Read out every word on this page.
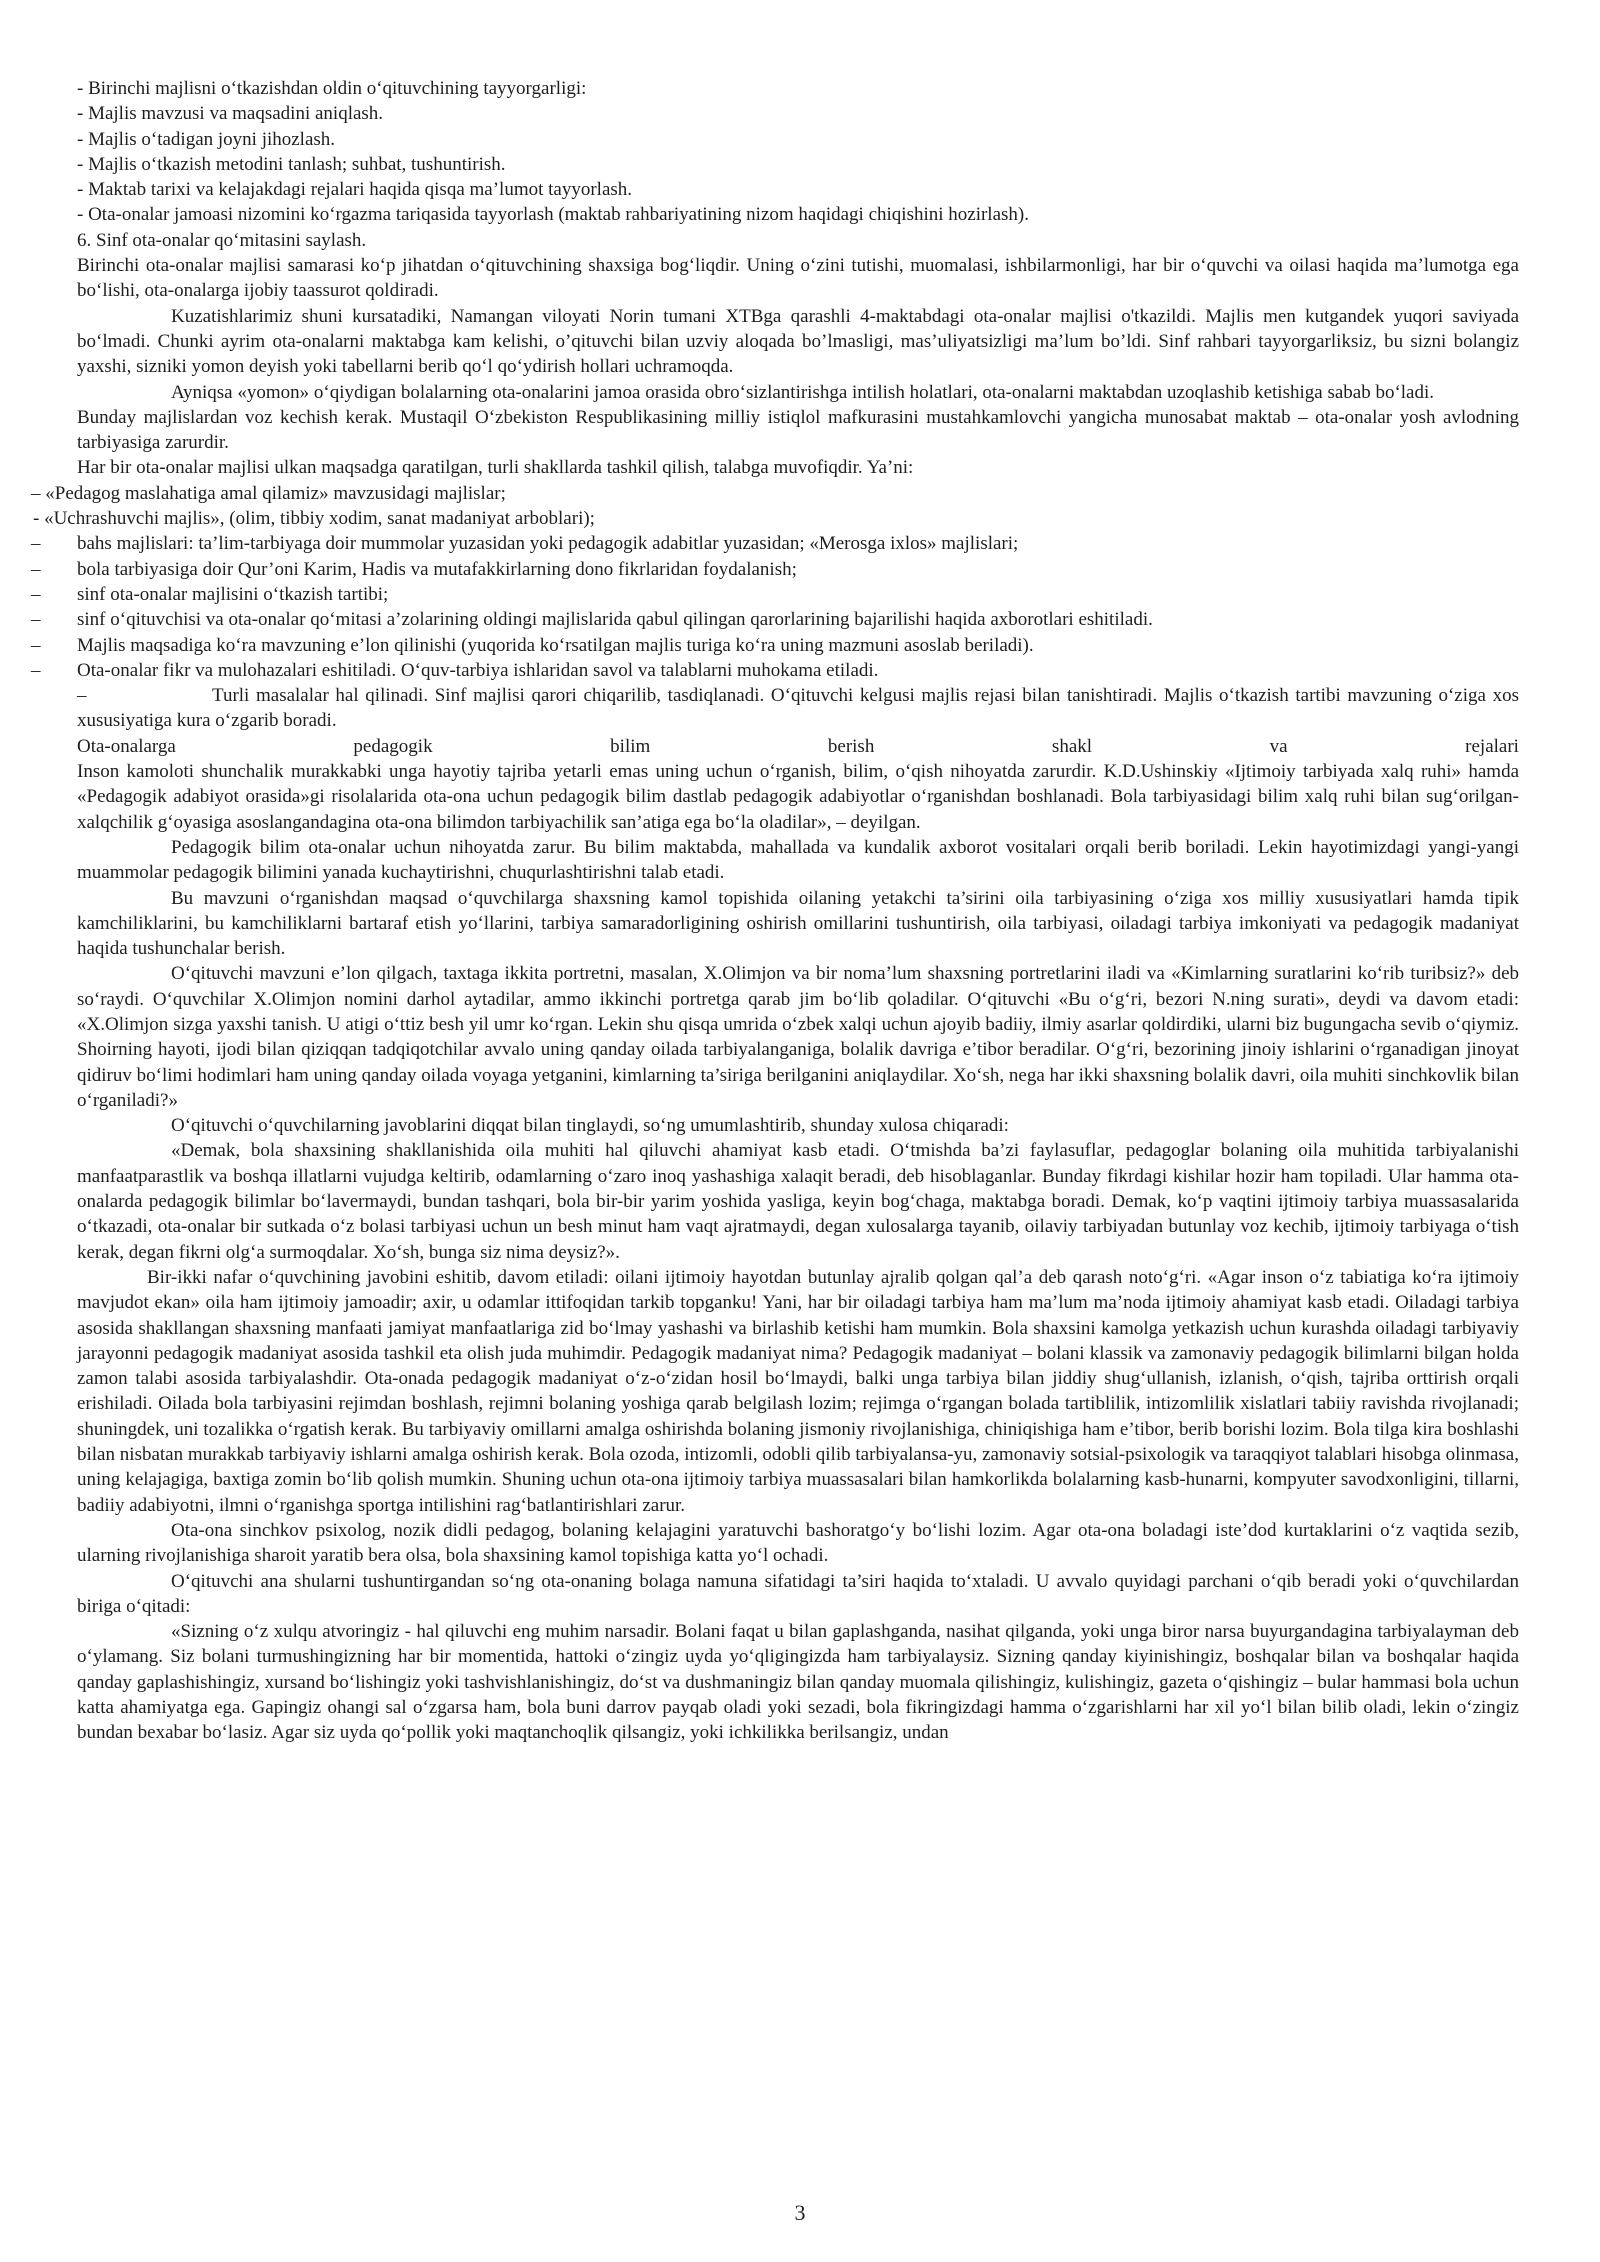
- Birinchi majlisni o‘tkazishdan oldin o‘qituvchining tayyorgarligi:
- Majlis mavzusi va maqsadini aniqlash.
- Majlis o‘tadigan joyni jihozlash.
- Majlis o‘tkazish metodini tanlash; suhbat, tushuntirish.
- Maktab tarixi va kelajakdagi rejalari haqida qisqa ma’lumot tayyorlash.
- Ota-onalar jamoasi nizomini ko‘rgazma tariqasida tayyorlash (maktab rahbariyatining nizom haqidagi chiqishini hozirlash).
6. Sinf ota-onalar qo‘mitasini saylash.
Birinchi ota-onalar majlisi samarasi ko‘p jihatdan o‘qituvchining shaxsiga bog‘liqdir. Uning o‘zini tutishi, muomalasi, ishbilarmonligi, har bir o‘quvchi va oilasi haqida ma’lumotga ega bo‘lishi, ota-onalarga ijobiy taassurot qoldiradi.
Kuzatishlarimiz shuni kursatadiki, Namangan viloyati Norin tumani XTBga qarashli 4-maktabdagi ota-onalar majlisi o'tkazildi. Majlis men kutgandek yuqori saviyada bo‘lmadi. Chunki ayrim ota-onalarni maktabga kam kelishi, o’qituvchi bilan uzviy aloqada bo’lmasligi, mas’uliyatsizligi ma’lum bo’ldi. Sinf rahbari tayyorgarliksiz, bu sizni bolangiz yaxshi, sizniki yomon deyish yoki tabellarni berib qo‘l qo‘ydirish hollari uchramoqda.
Ayniqsa «yomon» o‘qiydigan bolalarning ota-onalarini jamoa orasida obro‘sizlantirishga intilish holatlari, ota-onalarni maktabdan uzoqlashib ketishiga sabab bo‘ladi.
Bunday majlislardan voz kechish kerak. Mustaqil O‘zbekiston Respublikasining milliy istiqlol mafkurasini mustahkamlovchi yangicha munosabat maktab – ota-onalar yosh avlodning tarbiyasiga zarurdir.
Har bir ota-onalar majlisi ulkan maqsadga qaratilgan, turli shakllarda tashkil qilish, talabga muvofiqdir. Ya’ni:
– «Pedagog maslahatiga amal qilamiz» mavzusidagi majlislar;
- «Uchrashuvchi majlis», (olim, tibbiy xodim, sanat madaniyat arboblari);
– bahs majlislari: ta’lim-tarbiyaga doir mummolar yuzasidan yoki pedagogik adabitlar yuzasidan; «Merosga ixlos» majlislari;
– bola tarbiyasiga doir Qur’oni Karim, Hadis va mutafakkirlarning dono fikrlaridan foydalanish;
– sinf ota-onalar majlisini o‘tkazish tartibi;
– sinf o‘qituvchisi va ota-onalar qo‘mitasi a’zolarining oldingi majlislarida qabul qilingan qarorlarining bajarilishi haqida axborotlari eshitiladi.
– Majlis maqsadiga ko‘ra mavzuning e’lon qilinishi (yuqorida ko‘rsatilgan majlis turiga ko‘ra uning mazmuni asoslab beriladi).
– Ota-onalar fikr va mulohazalari eshitiladi. O‘quv-tarbiya ishlaridan savol va talablarni muhokama etiladi.
–	Turli masalalar hal qilinadi. Sinf majlisi qarori chiqarilib, tasdiqlanadi. O‘qituvchi kelgusi majlis rejasi bilan tanishtiradi. Majlis o‘tkazish tartibi mavzuning o‘ziga xos xususiyatiga kura o‘zgarib boradi.
Ota-onalarga	pedagogik	bilim	berish	shakl	va	rejalari
Inson kamoloti shunchalik murakkabki unga hayotiy tajriba yetarli emas uning uchun o‘rganish, bilim, o‘qish nihoyatda zarurdir. K.D.Ushinskiy «Ijtimoiy tarbiyada xalq ruhi» hamda «Pedagogik adabiyot orasida»gi risolalarida ota-ona uchun pedagogik bilim dastlab pedagogik adabiyotlar o‘rganishdan boshlanadi. Bola tarbiyasidagi bilim xalq ruhi bilan sug‘orilgan-xalqchilik g‘oyasiga asoslangandagina ota-ona bilimdon tarbiyachilik san’atiga ega bo‘la oladilar», – deyilgan.
Pedagogik bilim ota-onalar uchun nihoyatda zarur. Bu bilim maktabda, mahallada va kundalik axborot vositalari orqali berib boriladi. Lekin hayotimizdagi yangi-yangi muammolar pedagogik bilimini yanada kuchaytirishni, chuqurlashtirishni talab etadi.
Bu mavzuni o‘rganishdan maqsad o‘quvchilarga shaxsning kamol topishida oilaning yetakchi ta’sirini oila tarbiyasining o‘ziga xos milliy xususiyatlari hamda tipik kamchiliklarini, bu kamchiliklarni bartaraf etish yo‘llarini, tarbiya samaradorligining oshirish omillarini tushuntirish, oila tarbiyasi, oiladagi tarbiya imkoniyati va pedagogik madaniyat haqida tushunchalar berish.
O‘qituvchi mavzuni e’lon qilgach, taxtaga ikkita portretni, masalan, X.Olimjon va bir noma’lum shaxsning portretlarini iladi va «Kimlarning suratlarini ko‘rib turibsiz?» deb so‘raydi. O‘quvchilar X.Olimjon nomini darhol aytadilar, ammo ikkinchi portretga qarab jim bo‘lib qoladilar. O‘qituvchi «Bu o‘g‘ri, bezori N.ning surati», deydi va davom etadi: «X.Olimjon sizga yaxshi tanish. U atigi o‘ttiz besh yil umr ko‘rgan. Lekin shu qisqa umrida o‘zbek xalqi uchun ajoyib badiiy, ilmiy asarlar qoldirdiki, ularni biz bugungacha sevib o‘qiymiz. Shoirning hayoti, ijodi bilan qiziqqan tadqiqotchilar avvalo uning qanday oilada tarbiyalanganiga, bolalik davriga e’tibor beradilar. O‘g‘ri, bezorining jinoiy ishlarini o‘rganadigan jinoyat qidiruv bo‘limi hodimlari ham uning qanday oilada voyaga yetganini, kimlarning ta’siriga berilganini aniqlaydilar. Xo‘sh, nega har ikki shaxsning bolalik davri, oila muhiti sinchkovlik bilan o‘rganiladi?»
O‘qituvchi o‘quvchilarning javoblarini diqqat bilan tinglaydi, so‘ng umumlashtirib, shunday xulosa chiqaradi:
«Demak, bola shaxsining shakllanishida oila muhiti hal qiluvchi ahamiyat kasb etadi. O‘tmishda ba’zi faylasuflar, pedagoglar bolaning oila muhitida tarbiyalanishi manfaatparastlik va boshqa illatlarni vujudga keltirib, odamlarning o‘zaro inoq yashashiga xalaqit beradi, deb hisoblaganlar. Bunday fikrdagi kishilar hozir ham topiladi. Ular hamma ota-onalarda pedagogik bilimlar bo‘lavermaydi, bundan tashqari, bola bir-bir yarim yoshida yasliga, keyin bog‘chaga, maktabga boradi. Demak, ko‘p vaqtini ijtimoiy tarbiya muassasalarida o‘tkazadi, ota-onalar bir sutkada o‘z bolasi tarbiyasi uchun un besh minut ham vaqt ajratmaydi, degan xulosalarga tayanib, oilaviy tarbiyadan butunlay voz kechib, ijtimoiy tarbiyaga o‘tish kerak, degan fikrni olg‘a surmoqdalar. Xo‘sh, bunga siz nima deysiz?».
Bir-ikki nafar o‘quvchining javobini eshitib, davom etiladi: oilani ijtimoiy hayotdan butunlay ajralib qolgan qal’a deb qarash noto‘g‘ri. «Agar inson o‘z tabiatiga ko‘ra ijtimoiy mavjudot ekan» oila ham ijtimoiy jamoadir; axir, u odamlar ittifoqidan tarkib topganku! Yani, har bir oiladagi tarbiya ham ma’lum ma’noda ijtimoiy ahamiyat kasb etadi. Oiladagi tarbiya asosida shakllangan shaxsning manfaati jamiyat manfaatlariga zid bo‘lmay yashashi va birlashib ketishi ham mumkin. Bola shaxsini kamolga yetkazish uchun kurashda oiladagi tarbiyaviy jarayonni pedagogik madaniyat asosida tashkil eta olish juda muhimdir. Pedagogik madaniyat nima? Pedagogik madaniyat – bolani klassik va zamonaviy pedagogik bilimlarni bilgan holda zamon talabi asosida tarbiyalashdir. Ota-onada pedagogik madaniyat o‘z-o‘zidan hosil bo‘lmaydi, balki unga tarbiya bilan jiddiy shug‘ullanish, izlanish, o‘qish, tajriba orttirish orqali erishiladi. Oilada bola tarbiyasini rejimdan boshlash, rejimni bolaning yoshiga qarab belgilash lozim; rejimga o‘rgangan bolada tartiblilik, intizomlilik xislatlari tabiiy ravishda rivojlanadi; shuningdek, uni tozalikka o‘rgatish kerak. Bu tarbiyaviy omillarni amalga oshirishda bolaning jismoniy rivojlanishiga, chiniqishiga ham e’tibor, berib borishi lozim. Bola tilga kira boshlashi bilan nisbatan murakkab tarbiyaviy ishlarni amalga oshirish kerak. Bola ozoda, intizomli, odobli qilib tarbiyalansa-yu, zamonaviy sotsial-psixologik va taraqqiyot talablari hisobga olinmasa, uning kelajagiga, baxtiga zomin bo‘lib qolish mumkin. Shuning uchun ota-ona ijtimoiy tarbiya muassasalari bilan hamkorlikda bolalarning kasb-hunarni, kompyuter savodxonligini, tillarni, badiiy adabiyotni, ilmni o‘rganishga sportga intilishini rag‘batlantirishlari zarur.
Ota-ona sinchkov psixolog, nozik didli pedagog, bolaning kelajagini yaratuvchi bashoratgo‘y bo‘lishi lozim. Agar ota-ona boladagi iste’dod kurtaklarini o‘z vaqtida sezib, ularning rivojlanishiga sharoit yaratib bera olsa, bola shaxsining kamol topishiga katta yo‘l ochadi.
O‘qituvchi ana shularni tushuntirgandan so‘ng ota-onaning bolaga namuna sifatidagi ta’siri haqida to‘xtaladi. U avvalo quyidagi parchani o‘qib beradi yoki o‘quvchilardan biriga o‘qitadi:
«Sizning o‘z xulqu atvoringiz - hal qiluvchi eng muhim narsadir. Bolani faqat u bilan gaplashganda, nasihat qilganda, yoki unga biror narsa buyurgandagina tarbiyalayman deb o‘ylamang. Siz bolani turmushingizning har bir momentida, hattoki o‘zingiz uyda yo‘qligingizda ham tarbiyalaysiz. Sizning qanday kiyinishingiz, boshqalar bilan va boshqalar haqida qanday gaplashishingiz, xursand bo‘lishingiz yoki tashvishlanishingiz, do‘st va dushmaningiz bilan qanday muomala qilishingiz, kulishingiz, gazeta o‘qishingiz – bular hammasi bola uchun katta ahamiyatga ega. Gapingiz ohangi sal o‘zgarsa ham, bola buni darrov payqab oladi yoki sezadi, bola fikringizdagi hamma o‘zgarishlarni har xil yo‘l bilan bilib oladi, lekin o‘zingiz bundan bexabar bo‘lasiz. Agar siz uyda qo‘pollik yoki maqtanchoqlik qilsangiz, yoki ichkilikka berilsangiz, undan
3
